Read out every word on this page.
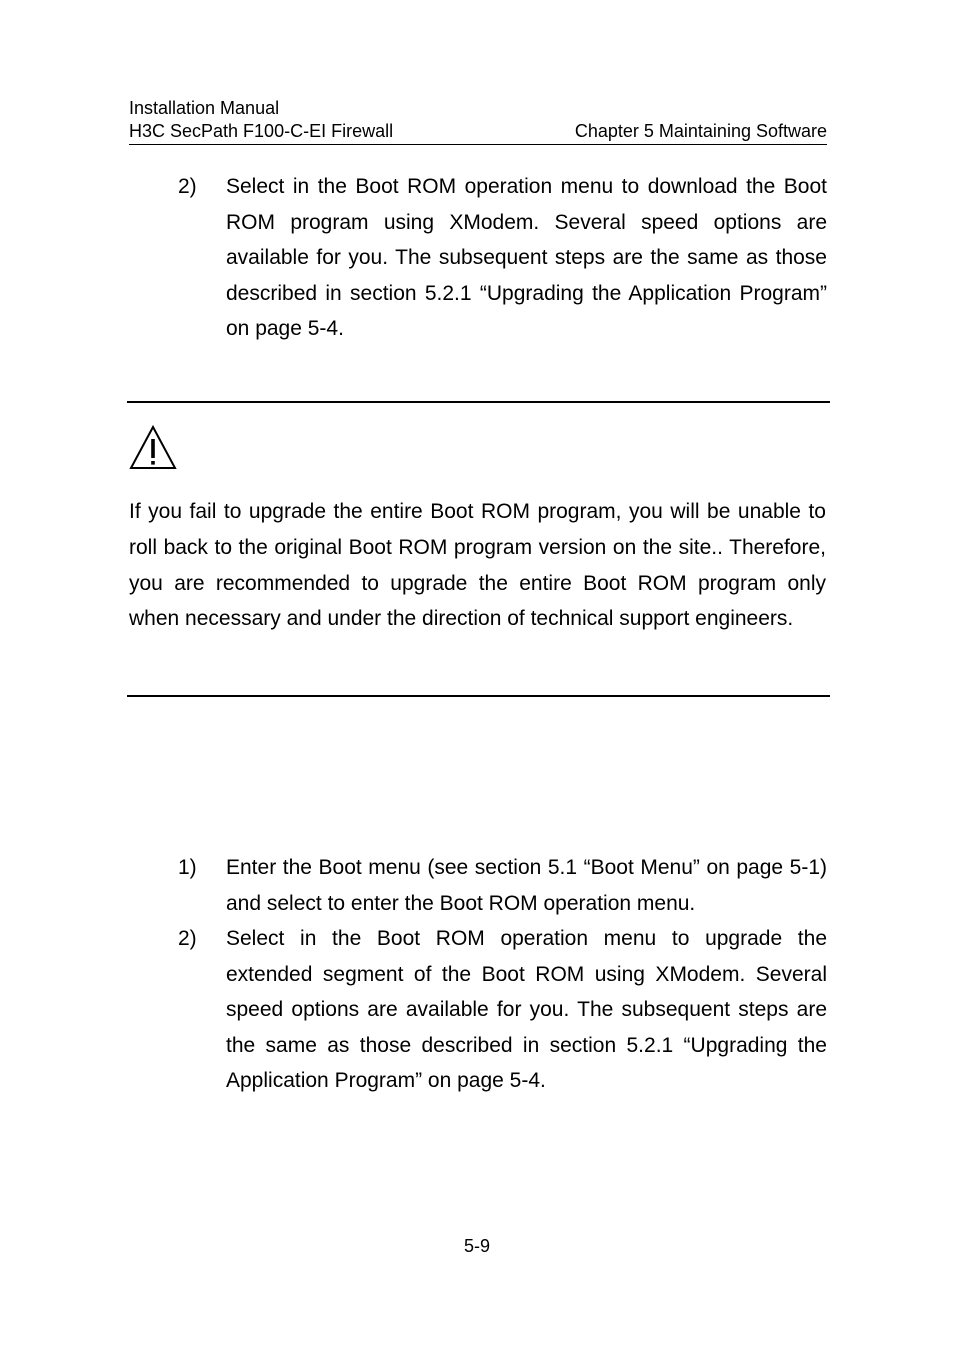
Installation Manual
H3C SecPath F100-C-EI Firewall	Chapter 5 Maintaining Software
2)	Select in the Boot ROM operation menu to download the Boot ROM program using XModem. Several speed options are available for you. The subsequent steps are the same as those described in section 5.2.1 “Upgrading the Application Program” on page 5-4.
If you fail to upgrade the entire Boot ROM program, you will be unable to roll back to the original Boot ROM program version on the site.. Therefore, you are recommended to upgrade the entire Boot ROM program only when necessary and under the direction of technical support engineers.
1)	Enter the Boot menu (see section 5.1 “Boot Menu” on page 5-1) and select to enter the Boot ROM operation menu.
2)	Select in the Boot ROM operation menu to upgrade the extended segment of the Boot ROM using XModem. Several speed options are available for you. The subsequent steps are the same as those described in section 5.2.1 “Upgrading the Application Program” on page 5-4.
5-9
